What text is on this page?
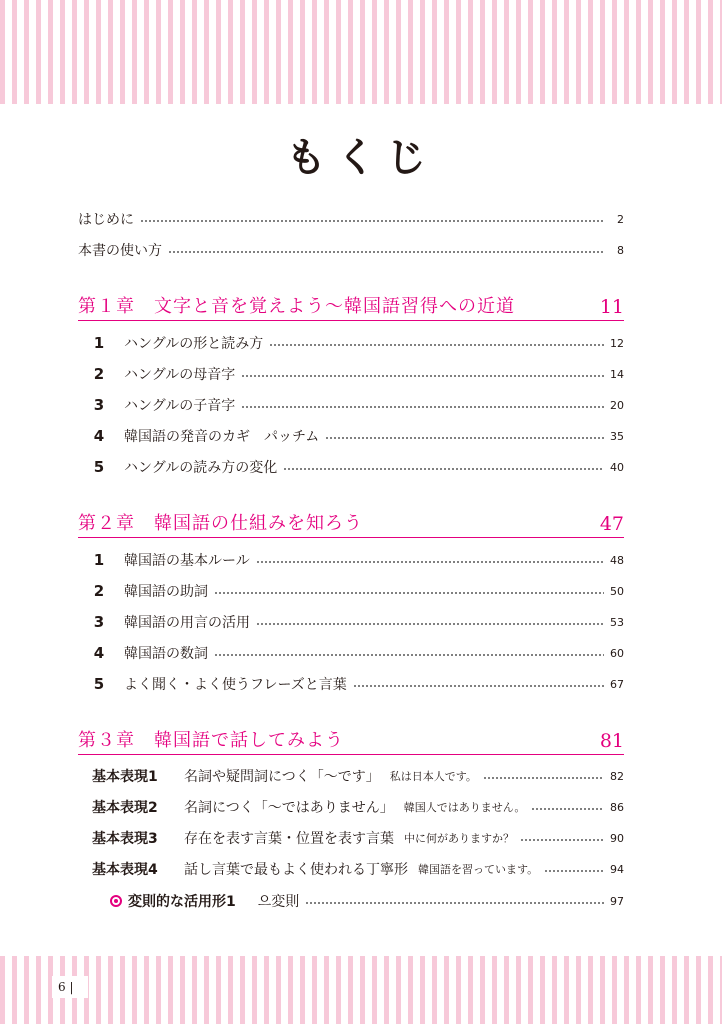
もくじ
はじめに	2
本書の使い方	8
第１章　文字と音を覚えよう～韓国語習得への近道	11
1	ハングルの形と読み方	12
2	ハングルの母音字	14
3	ハングルの子音字	20
4	韓国語の発音のカギ　パッチム	35
5	ハングルの読み方の変化	40
第２章　韓国語の仕組みを知ろう	47
1	韓国語の基本ルール	48
2	韓国語の助詞	50
3	韓国語の用言の活用	53
4	韓国語の数詞	60
5	よく聞く・よく使うフレーズと言葉	67
第３章　韓国語で話してみよう	81
基本表現1	名詞や疑問詞につく「〜です」 私は日本人です。	82
基本表現2	名詞につく「〜ではありません」 韓国人ではありません。	86
基本表現3	存在を表す言葉・位置を表す言葉 中に何がありますか？	90
基本表現4	話し言葉で最もよく使われる丁寧形 韓国語を習っています。	94
変則的な活用形1 으変則	97
6 |
